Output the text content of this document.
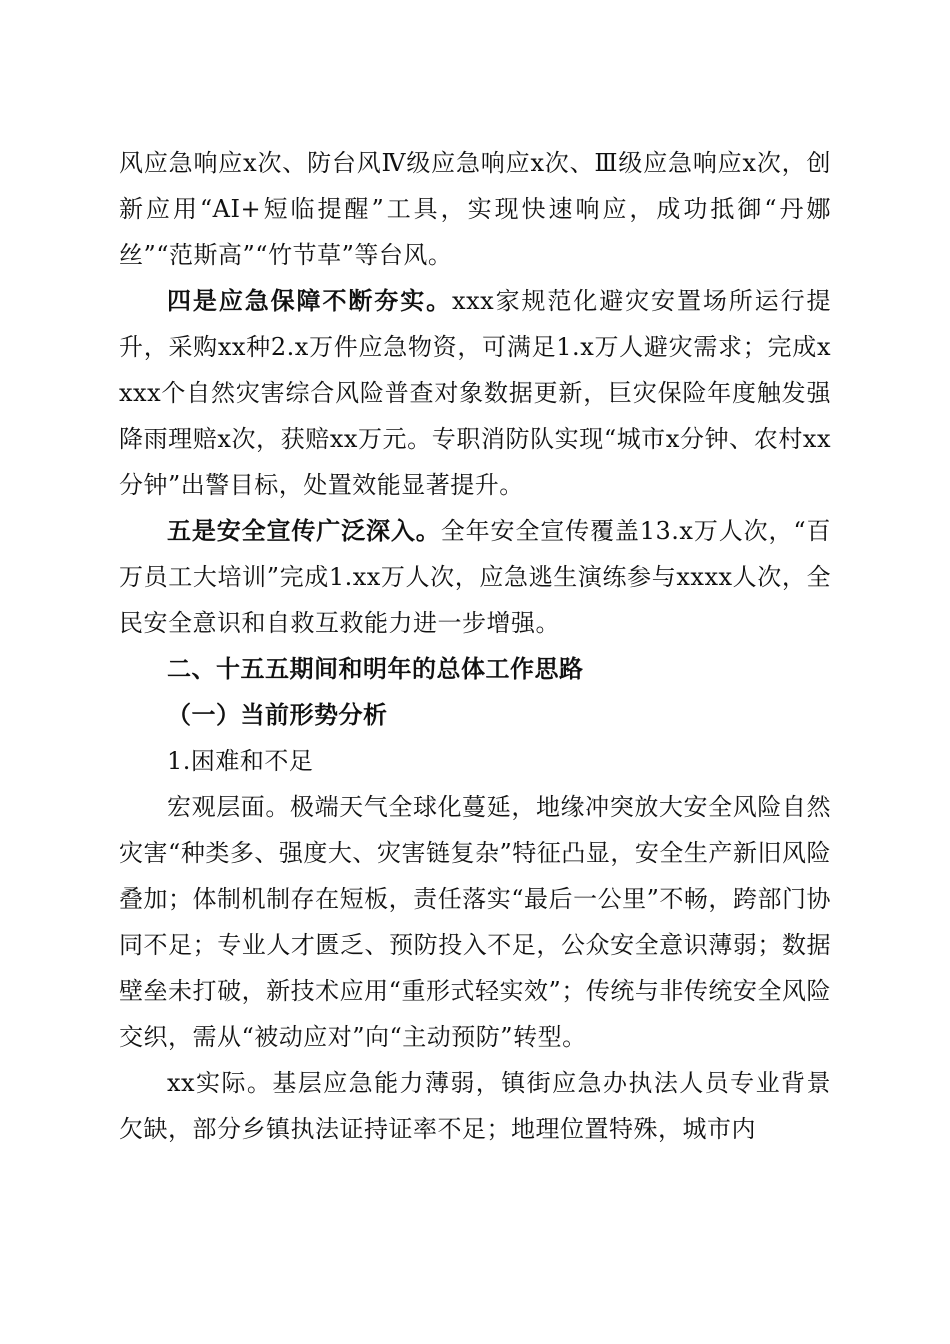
风应急响应x次、防台风Ⅳ级应急响应x次、Ⅲ级应急响应x次，创新应用“AI+短临提醒”工具，实现快速响应，成功抵御“丹娜丝”“范斯高”“竹节草”等台风。

四是应急保障不断夯实。xxx家规范化避灾安置场所运行提升，采购xx种2.x万件应急物资，可满足1.x万人避灾需求；完成xxxx个自然灾害综合风险普查对象数据更新，巨灾保险年度触发强降雨理赔x次，获赔xx万元。专职消防队实现“城市x分钟、农村xx分钟”出警目标，处置效能显著提升。

五是安全宣传广泛深入。全年安全宣传覆盖13.x万人次，“百万员工大培训”完成1.xx万人次，应急逃生演练参与xxxx人次，全民安全意识和自救互救能力进一步增强。

二、十五五期间和明年的总体工作思路

（一）当前形势分析

1.困难和不足

宏观层面。极端天气全球化蔓延，地缘冲突放大安全风险自然灾害“种类多、强度大、灾害链复杂”特征凸显，安全生产新旧风险叠加；体制机制存在短板，责任落实“最后一公里”不畅，跨部门协同不足；专业人才匮乏、预防投入不足，公众安全意识薄弱；数据壁垒未打破，新技术应用“重形式轻实效”；传统与非传统安全风险交织，需从“被动应对”向“主动预防”转型。

xx实际。基层应急能力薄弱，镇街应急办执法人员专业背景欠缺，部分乡镇执法证持证率不足；地理位置特殊，城市内
